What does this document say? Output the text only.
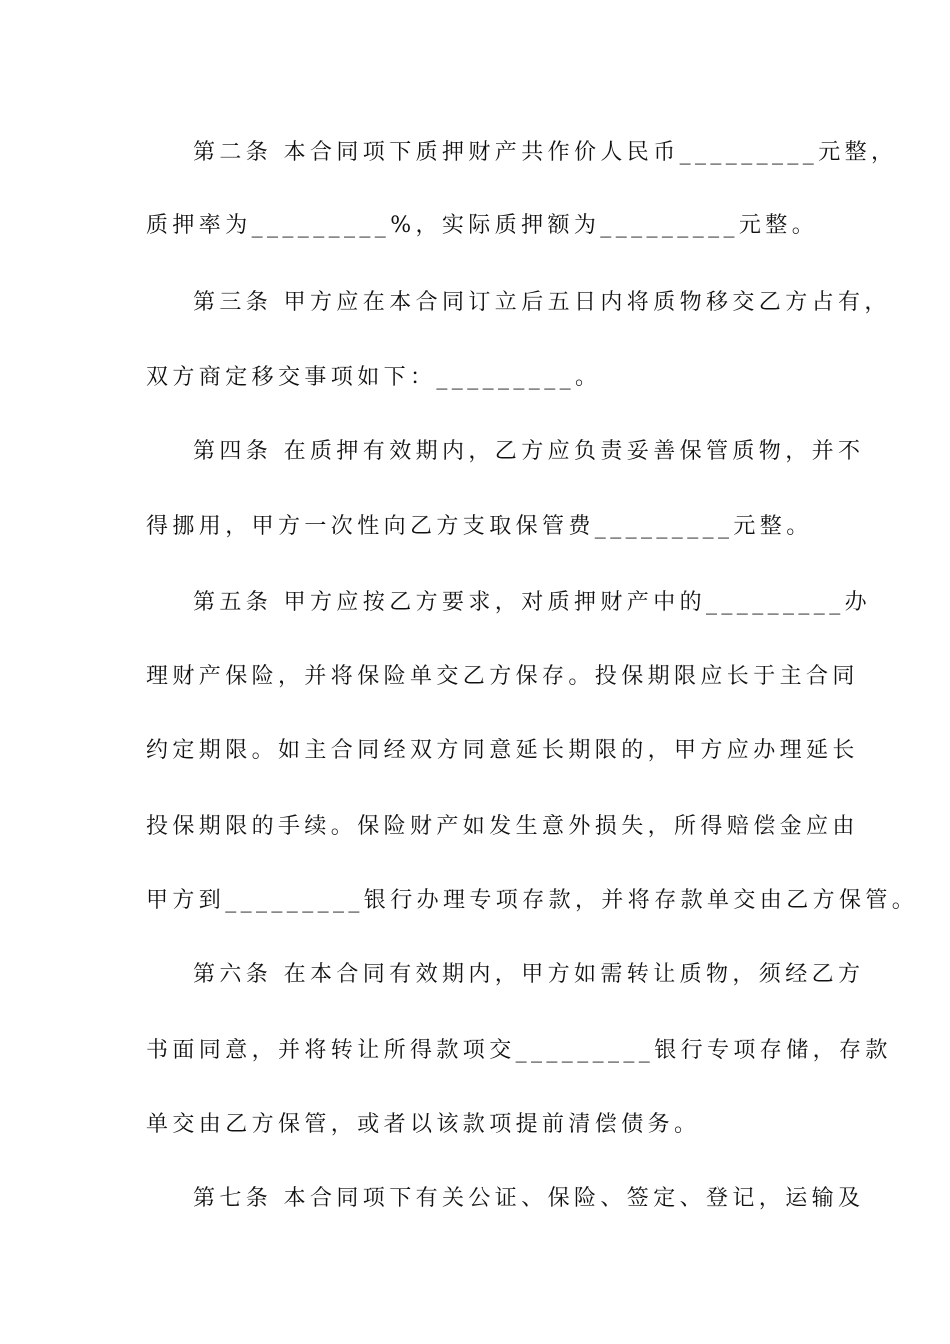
第二条 本合同项下质押财产共作价人民币_________元整，
质押率为_________%，实际质押额为_________元整。
第三条 甲方应在本合同订立后五日内将质物移交乙方占有，
双方商定移交事项如下：_________。
第四条 在质押有效期内，乙方应负责妥善保管质物，并不
得挪用，甲方一次性向乙方支取保管费_________元整。
第五条 甲方应按乙方要求，对质押财产中的_________办
理财产保险，并将保险单交乙方保存。投保期限应长于主合同
约定期限。如主合同经双方同意延长期限的，甲方应办理延长
投保期限的手续。保险财产如发生意外损失，所得赔偿金应由
甲方到_________银行办理专项存款，并将存款单交由乙方保管。
第六条 在本合同有效期内，甲方如需转让质物，须经乙方
书面同意，并将转让所得款项交_________银行专项存储，存款
单交由乙方保管，或者以该款项提前清偿债务。
第七条 本合同项下有关公证、保险、签定、登记，运输及
